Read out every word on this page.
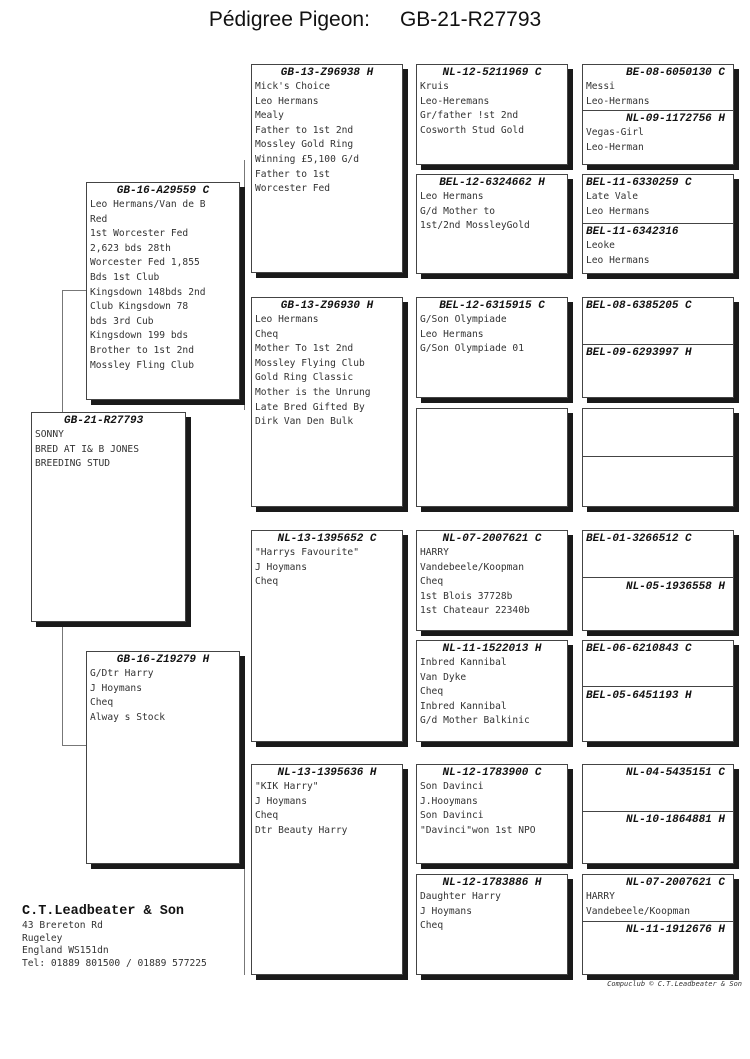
Pédigree Pigeon: GB-21-R27793
GB-21-R27793
SONNY
BRED AT I& B JONES
BREEDING STUD
GB-16-A29559 C
Leo Hermans/Van de B
Red
1st Worcester Fed
2,623 bds 28th
Worcester Fed 1,855
Bds 1st Club
Kingsdown 148bds 2nd
Club Kingsdown 78
bds 3rd Cub
Kingsdown 199 bds
Brother to 1st 2nd
Mossley Fling Club
GB-16-Z19279 H
G/Dtr Harry
J Hoymans
Cheq
Alway s Stock
GB-13-Z96938 H
Mick's Choice
Leo Hermans
Mealy
Father to 1st 2nd
Mossley Gold Ring
Winning £5,100 G/d
Father to 1st
Worcester Fed
GB-13-Z96930 H
Leo Hermans
Cheq
Mother To 1st 2nd
Mossley Flying Club
Gold Ring Classic
Mother is the Unrung
Late Bred Gifted By
Dirk Van Den Bulk
NL-13-1395652 C
"Harrys Favourite"
J Hoymans
Cheq
NL-13-1395636 H
"KIK Harry"
J Hoymans
Cheq
Dtr Beauty Harry
NL-12-5211969 C
Kruis
Leo-Heremans
Gr/father !st 2nd
Cosworth Stud Gold
BEL-12-6324662 H
Leo Hermans
G/d Mother to
1st/2nd MossleyGold
BEL-12-6315915 C
G/Son Olympiade
Leo Hermans
G/Son Olympiade 01
NL-07-2007621 C
HARRY
Vandebeele/Koopman
Cheq
1st Blois 37728b
1st Chateaur 22340b
NL-11-1522013 H
Inbred Kannibal
Van Dyke
Cheq
Inbred Kannibal
G/d Mother Balkinic
NL-12-1783900 C
Son Davinci
J.Hooymans
Son Davinci
"Davinci"won 1st NPO
NL-12-1783886 H
Daughter Harry
J Hoymans
Cheq
BE-08-6050130 C
Messi
Leo-Hermans
NL-09-1172756 H
Vegas-Girl
Leo-Herman
BEL-11-6330259 C
Late Vale
Leo Hermans
BEL-11-6342316
Leoke
Leo Hermans
BEL-08-6385205 C
BEL-09-6293997 H
BEL-01-3266512 C
NL-05-1936558 H
BEL-06-6210843 C
BEL-05-6451193 H
NL-04-5435151 C
NL-10-1864881 H
NL-07-2007621 C
HARRY
Vandebeele/Koopman
NL-11-1912676 H
C.T.Leadbeater & Son
43 Brereton Rd
Rugeley
England WS151dn
Tel: 01889 801500 / 01889 577225
Compuclub © C.T.Leadbeater & Son
